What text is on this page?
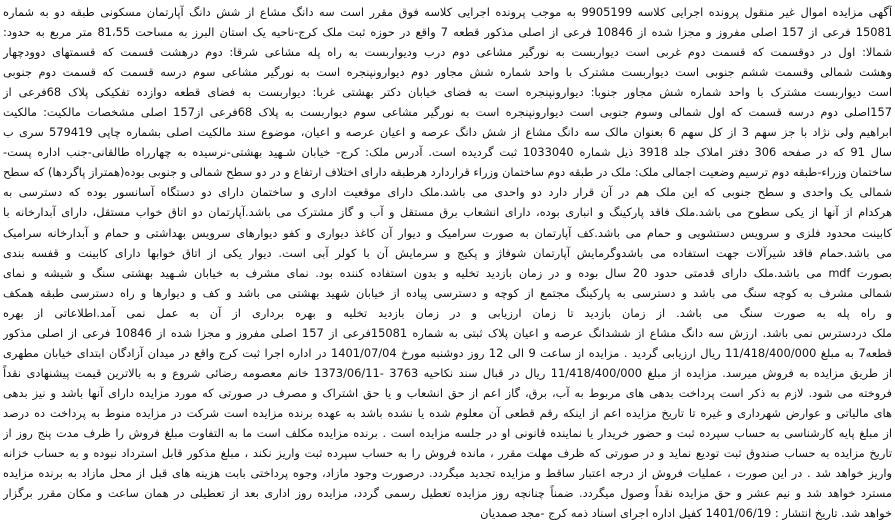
آگهی مزایده اموال غیر منقول پرونده اجرایی کلاسه 9905199 به موجب پرونده اجرایی کلاسه فوق مقرر است سه دانگ مشاع از شش دانگ آپارتمان مسکونی طبقه دو به شماره
15081 فرعی از 157 اصلی مفروز و مجزا شده از 10846 فرعی از اصلی مذکور قطعه 7 واقع در حوزه ثبت ملک کرج-ناحیه یک استان البرز به مساحت 81،55 متر مربع به حدود:
شمالا: اول در دوقسمت که قسمت دوم غربی است دیواربست به نورگیر مشاعی دوم درب ودیواربست به راه پله مشاعی شرقا: دوم درهشت قسمت که قسمتهای دوودچهار
وهشت شمالی وقسمت ششم جنوبی است دیواربست مشترک با واحد شماره شش مجاور دوم دیوارونپنجره است به نورگیر مشاعی سوم درسه قسمت که قسمت دوم جنوبی
است دیواربست مشترک با واحد شماره شش مجاور جنوبا: دیوارونپنجره است به فضای خیابان دکتر بهشتی غربا: دیواربست به فضای قطعه دوازده تفکیکی پلاک 68فرعی از
157اصلی دوم درسه قسمت که اول شمالی وسوم جنوبی است دیوارونپنجره است به نورگیر مشاعی سوم دیواربست به پلاک 68فرعی از157 اصلی مشخصات مالکیت: مالکیت
ابراهیم ولی نژاد با جز سهم 3 از کل سهم 6 بعنوان مالک سه دانگ مشاع از شش دانگ عرصه و اعیان عرصه و اعیان، موضوع سند مالکیت اصلی بشماره چاپی 579419 سری ب
سال 91 که در صفحه 306 دفتر املاک جلد 3918 ذیل شماره 1033040 ثبت گردیده است. آدرس ملک: کرج- خیابان شـهید بهشتی-نرسیده به چهارراه طالقانی-جنب اداره پست-
ساختمان وزراء-طبقه دوم ترسیم وضعیت اجمالی ملک: ملک در طبقه دوم ساختمان وزراء قراردارد هرطبقه دارای اختلاف ارتفاع و در دو سطح شمالی و جنوبی بوده(همتراز پاگردها) که سطح
شمالی یک واحدی و سطح جنوبی که این ملک هم در آن قرار دارد دو واحدی می باشد.ملک دارای موقعیت اداری و ساختمان دارای دو دستگاه آسانسور بوده که دسترسی به
هرکدام از آنها از یکی سطوح می باشد.ملک فاقد پارکینگ و انباری بوده، دارای انشعاب برق مستقل و آب و گاز مشترک می باشد.آپارتمان دو اتاق خواب مستقل، دارای آبدارخانه با
کابینت محدود فلزی و سرویس دستشویی و حمام می باشد.کف آپارتمان به صورت سرامیک و دیوار آن کاغذ دیواری و کفو دیوارهای سرویس بهداشتی و حمام و آبدارخانه سرامیک
می باشد.حمام فاقد شیرآلات جهت استفاده می باشدوگرمایش آپارتمان شوفاژ و پکیج و سرمایش آن با کولر آبی است. دیوار یکی از اتاق خوابها دارای کابینت و قفسه بندی
بصورت mdf می باشد.ملک دارای قدمتی حدود 20 سال بوده و در زمان بازدید تخلیه و بدون استفاده کننده بود. نمای مشرف به خیابان شـهید بهشتی سنگ و شیشه و نمای
شمالی مشرف به کوچه سنگ می باشد و دسترسی به پارکینگ مجتمع از کوچه و دسترسی پیاده از خیابان شهید بهشتی می باشد و کف و دیوارها و راه دسترسی طبقه همکف
و راه پله به صورت سنگ می باشد. از زمان بازدید تا زمان ارزیابی و در زمان بازدید تخلیه و بهره برداری از آن به عمل نمی آمد.اطلاعاتی از بهره
ملک دردسترس نمی باشد. ارزش سه دانگ مشاع از ششدانگ عرصه و اعیان پلاک ثبتی به شماره 15081فرعی از 157 اصلی مفروز و مجزا شده از 10846 فرعی از اصلی مذکور
قطعه7 به مبلغ 11/418/400/000 ریال ارزیابی گردید . مزایده از ساعت 9 الی 12 روز دوشنبه مورخ 1401/07/04 در اداره اجرا ثبت کرج واقع در میدان آزادگان ابتدای خیابان مطهری
از طریق مزایده به فروش میرسد. مزایده از مبلغ 11/418/400/000 ریال در قبال سند نکاحیه 3763 -1373/06/11 خانم معصومه رضائی شروع و به بالاترین قیمت پیشنهادی نقداً
فروخته می شود. لازم به ذکر است پرداخت بدهی های مربوط به آب، برق، گاز اعم از حق انشعاب و یا حق اشتراک و مصرف در صورتی که مورد مزایده دارای آنها باشد و نیز بدهی
های مالیاتی و عوارض شهرداری و غیره تا تاریخ مزایده اعم از اینکه رقم قطعی آن معلوم شده یا نشده باشد به عهده برنده مزایده است شرکت در مزایده منوط به پرداخت ده درصد
از مبلغ پایه کارشناسی به حساب سپرده ثبت و حضور خریدار یا نماینده قانونی او در جلسه مزایده است . برنده مزایده مکلف است ما به التفاوت مبلغ فروش را ظرف مدت پنج روز از
تاریخ مزایده به حساب صندوق ثبت تودیع نماید و در صورتی که ظرف مهلت مقرر ، مانده فروش را به حساب سپرده ثبت واریز نکند ، مبلغ مذکور قابل استرداد نبوده و به حساب خزانه
واریز خواهد شد . در این صورت ، عملیات فروش از درجه اعتبار ساقط و مزایده تجدید میگردد. درصورت وجود مازاد، وجوه پرداختی بابت هزینه های قبل از محل مازاد به برنده مزایده
مسترد خواهد شد و نیم عشر و حق مزایده نقداً وصول میگردد. ضمناً چنانچه روز مزایده تعطیل رسمی گردد، مزایده روز اداری بعد از تعطیلی در همان ساعت و مکان مقرر برگزار
خواهد شد. تاریخ انتشار : 1401/06/19 کفیل اداره اجرای اسناد ذمه کرج -مجد صمدیان
